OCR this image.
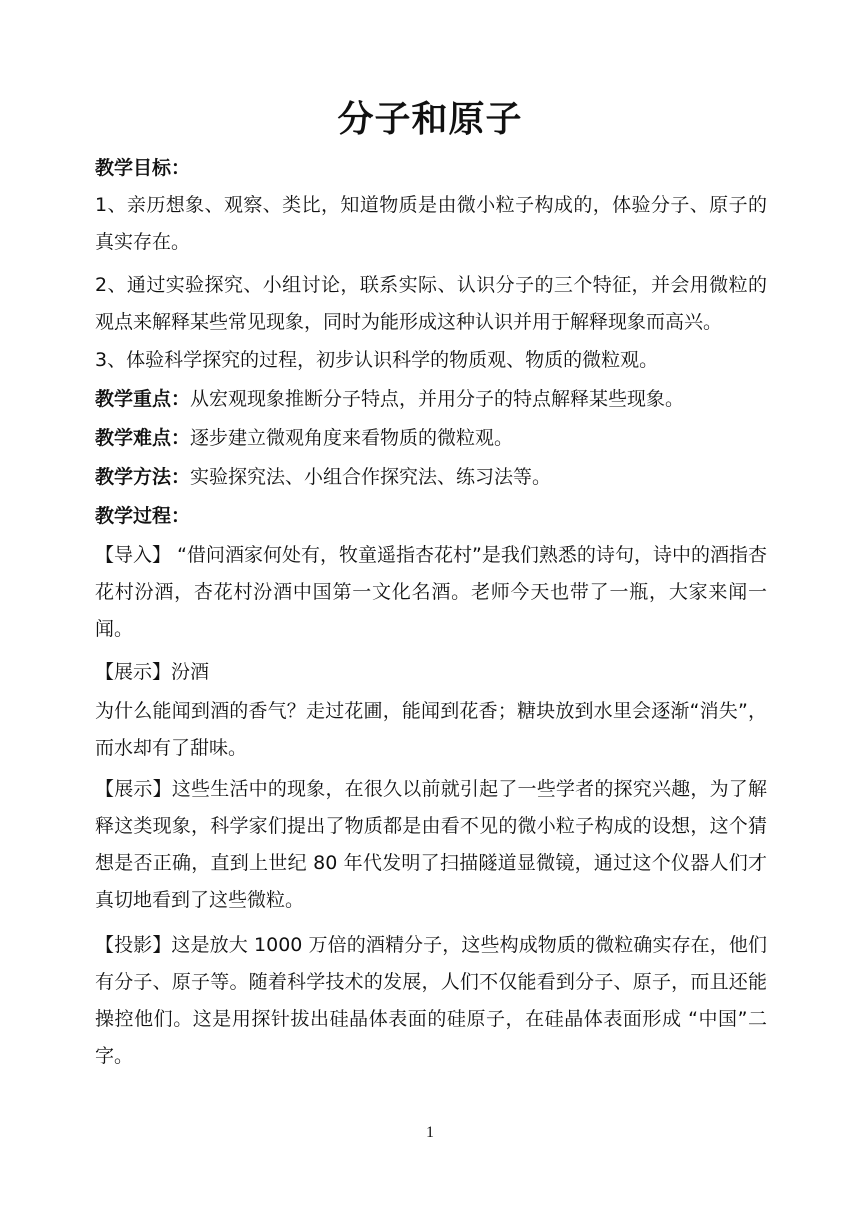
分子和原子
教学目标：
1、亲历想象、观察、类比，知道物质是由微小粒子构成的，体验分子、原子的真实存在。
2、通过实验探究、小组讨论，联系实际、认识分子的三个特征，并会用微粒的观点来解释某些常见现象，同时为能形成这种认识并用于解释现象而高兴。
3、体验科学探究的过程，初步认识科学的物质观、物质的微粒观。
教学重点：从宏观现象推断分子特点，并用分子的特点解释某些现象。
教学难点：逐步建立微观角度来看物质的微粒观。
教学方法：实验探究法、小组合作探究法、练习法等。
教学过程：
【导入】 “借问酒家何处有，牧童遥指杏花村”是我们熟悉的诗句，诗中的酒指杏花村汾酒，杏花村汾酒中国第一文化名酒。老师今天也带了一瓶，大家来闻一闻。
【展示】汾酒
为什么能闻到酒的香气？走过花圃，能闻到花香；糖块放到水里会逐渐“消失”，而水却有了甜味。
【展示】这些生活中的现象，在很久以前就引起了一些学者的探究兴趣，为了解释这类现象，科学家们提出了物质都是由看不见的微小粒子构成的设想，这个猜想是否正确，直到上世纪 80 年代发明了扫描隧道显微镜，通过这个仪器人们才真切地看到了这些微粒。
【投影】这是放大 1000 万倍的酒精分子，这些构成物质的微粒确实存在，他们有分子、原子等。随着科学技术的发展，人们不仅能看到分子、原子，而且还能操控他们。这是用探针拔出硅晶体表面的硅原子，在硅晶体表面形成 “中国”二字。
1
